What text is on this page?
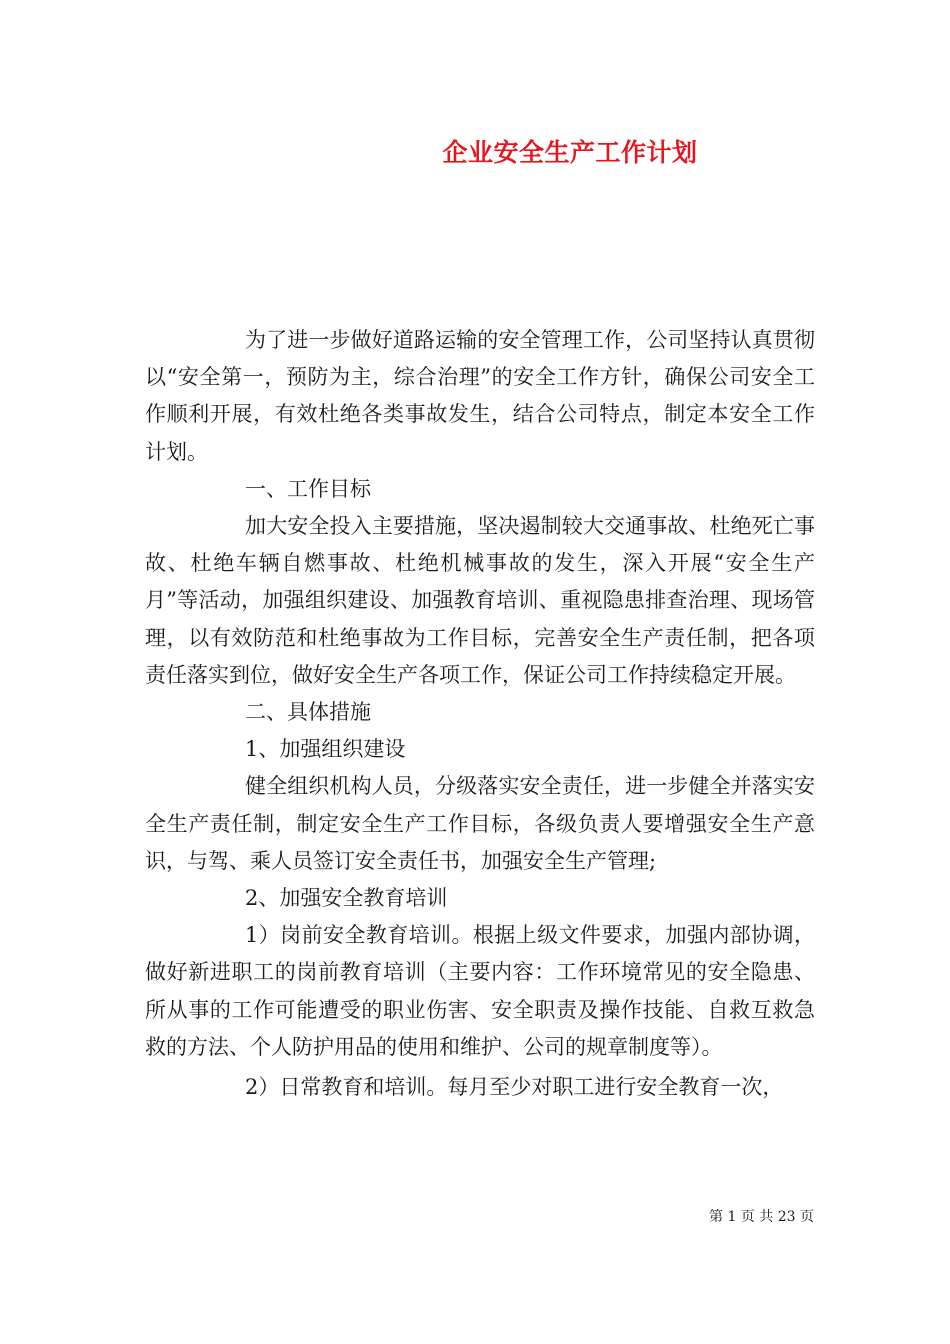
企业安全生产工作计划

为了进一步做好道路运输的安全管理工作，公司坚持认真贯彻以“安全第一，预防为主，综合治理”的安全工作方针，确保公司安全工作顺利开展，有效杜绝各类事故发生，结合公司特点，制定本安全工作计划。

一、工作目标

加大安全投入主要措施，坚决遏制较大交通事故、杜绝死亡事故、杜绝车辆自燃事故、杜绝机械事故的发生，深入开展“安全生产月”等活动，加强组织建设、加强教育培训、重视隐患排查治理、现场管理，以有效防范和杜绝事故为工作目标，完善安全生产责任制，把各项责任落实到位，做好安全生产各项工作，保证公司工作持续稳定开展。

二、具体措施

1、加强组织建设

健全组织机构人员，分级落实安全责任，进一步健全并落实安全生产责任制，制定安全生产工作目标，各级负责人要增强安全生产意识，与驾、乘人员签订安全责任书，加强安全生产管理;

2、加强安全教育培训

1）岗前安全教育培训。根据上级文件要求，加强内部协调，做好新进职工的岗前教育培训（主要内容：工作环境常见的安全隐患、所从事的工作可能遭受的职业伤害、安全职责及操作技能、自救互救急救的方法、个人防护用品的使用和维护、公司的规章制度等）。

2）日常教育和培训。每月至少对职工进行安全教育一次，

第 1 页 共 23 页
